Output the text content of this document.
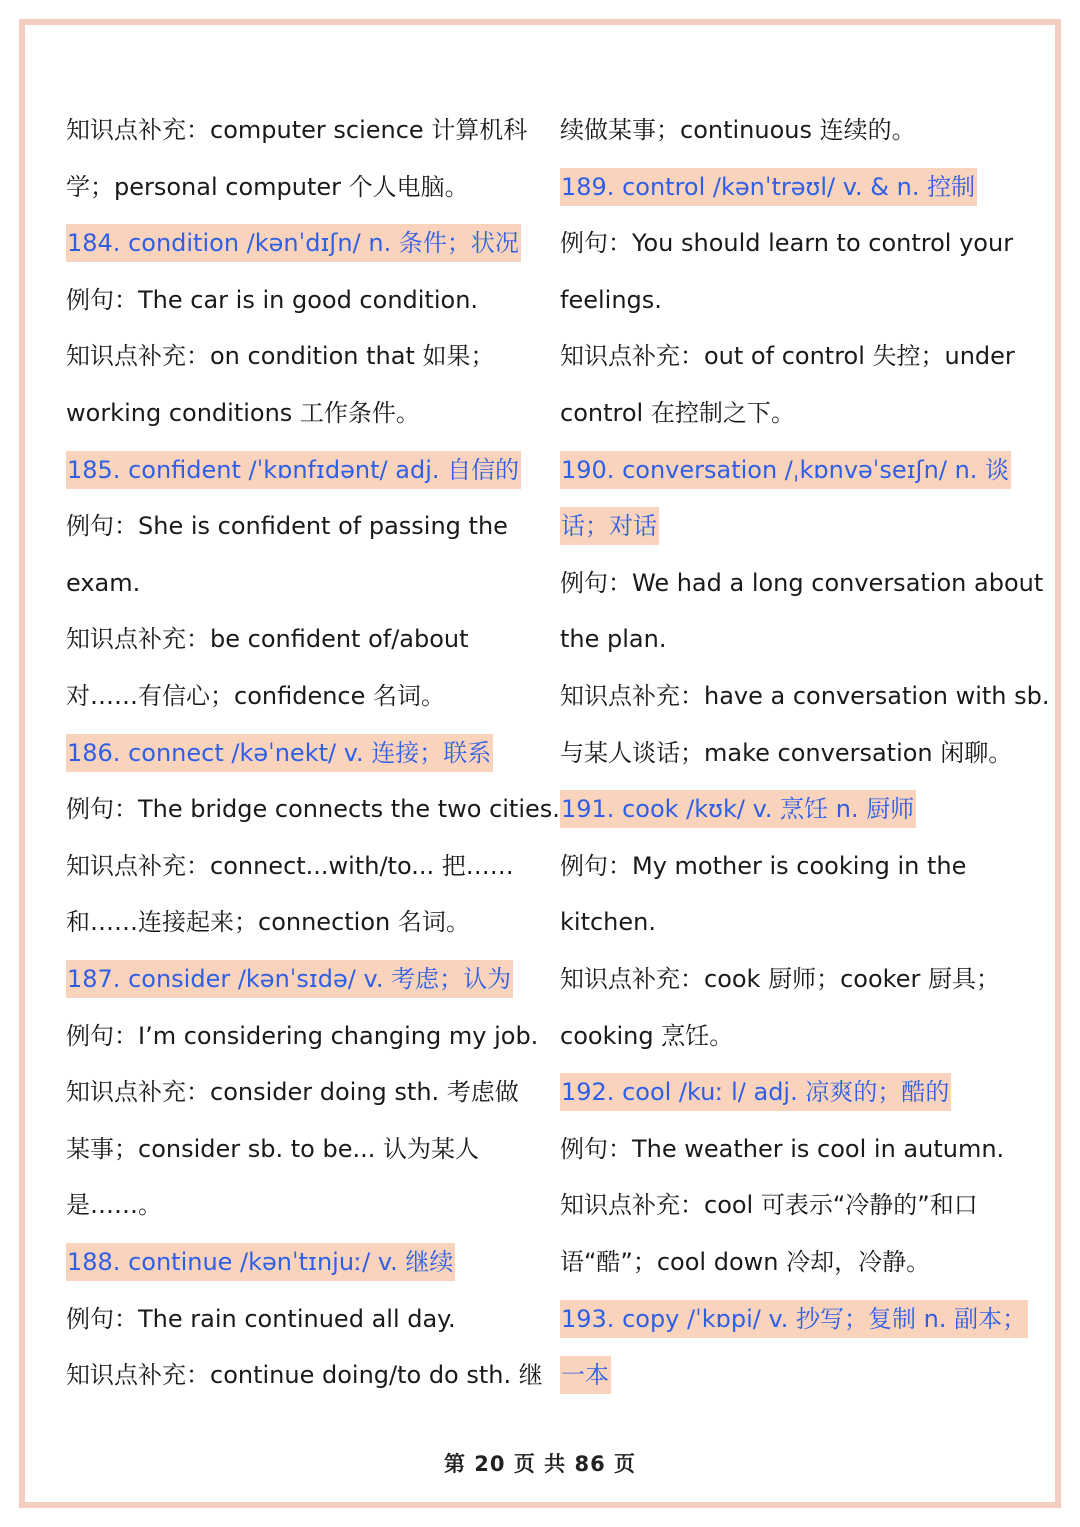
知识点补充：computer science 计算机科
学；personal computer 个人电脑。
184. condition /kənˈdɪʃn/ n. 条件；状况
例句：The car is in good condition.
知识点补充：on condition that 如果；
working conditions 工作条件。
185. confident /ˈkɒnfɪdənt/ adj. 自信的
例句：She is confident of passing the
exam.
知识点补充：be confident of/about
对……有信心；confidence 名词。
186. connect /kəˈnekt/ v. 连接；联系
例句：The bridge connects the two cities.
知识点补充：connect...with/to... 把……
和……连接起来；connection 名词。
187. consider /kənˈsɪdə/ v. 考虑；认为
例句：I’m considering changing my job.
知识点补充：consider doing sth. 考虑做
某事；consider sb. to be... 认为某人
是……。
188. continue /kənˈtɪnjuː/ v. 继续
例句：The rain continued all day.
知识点补充：continue doing/to do sth. 继
续做某事；continuous 连续的。
189. control /kənˈtrəʊl/ v. & n. 控制
例句：You should learn to control your
feelings.
知识点补充：out of control 失控；under
control 在控制之下。
190. conversation /ˌkɒnvəˈseɪʃn/ n. 谈
话；对话
例句：We had a long conversation about
the plan.
知识点补充：have a conversation with sb.
与某人谈话；make conversation 闲聊。
191. cook /kʊk/ v. 烹饪 n. 厨师
例句：My mother is cooking in the
kitchen.
知识点补充：cook 厨师；cooker 厨具；
cooking 烹饪。
192. cool /kuː l/ adj. 凉爽的；酷的
例句：The weather is cool in autumn.
知识点补充：cool 可表示“冷静的”和口
语“酷”；cool down 冷却，冷静。
193. copy /ˈkɒpi/ v. 抄写；复制 n. 副本；
一本
第 20 页 共 86 页
